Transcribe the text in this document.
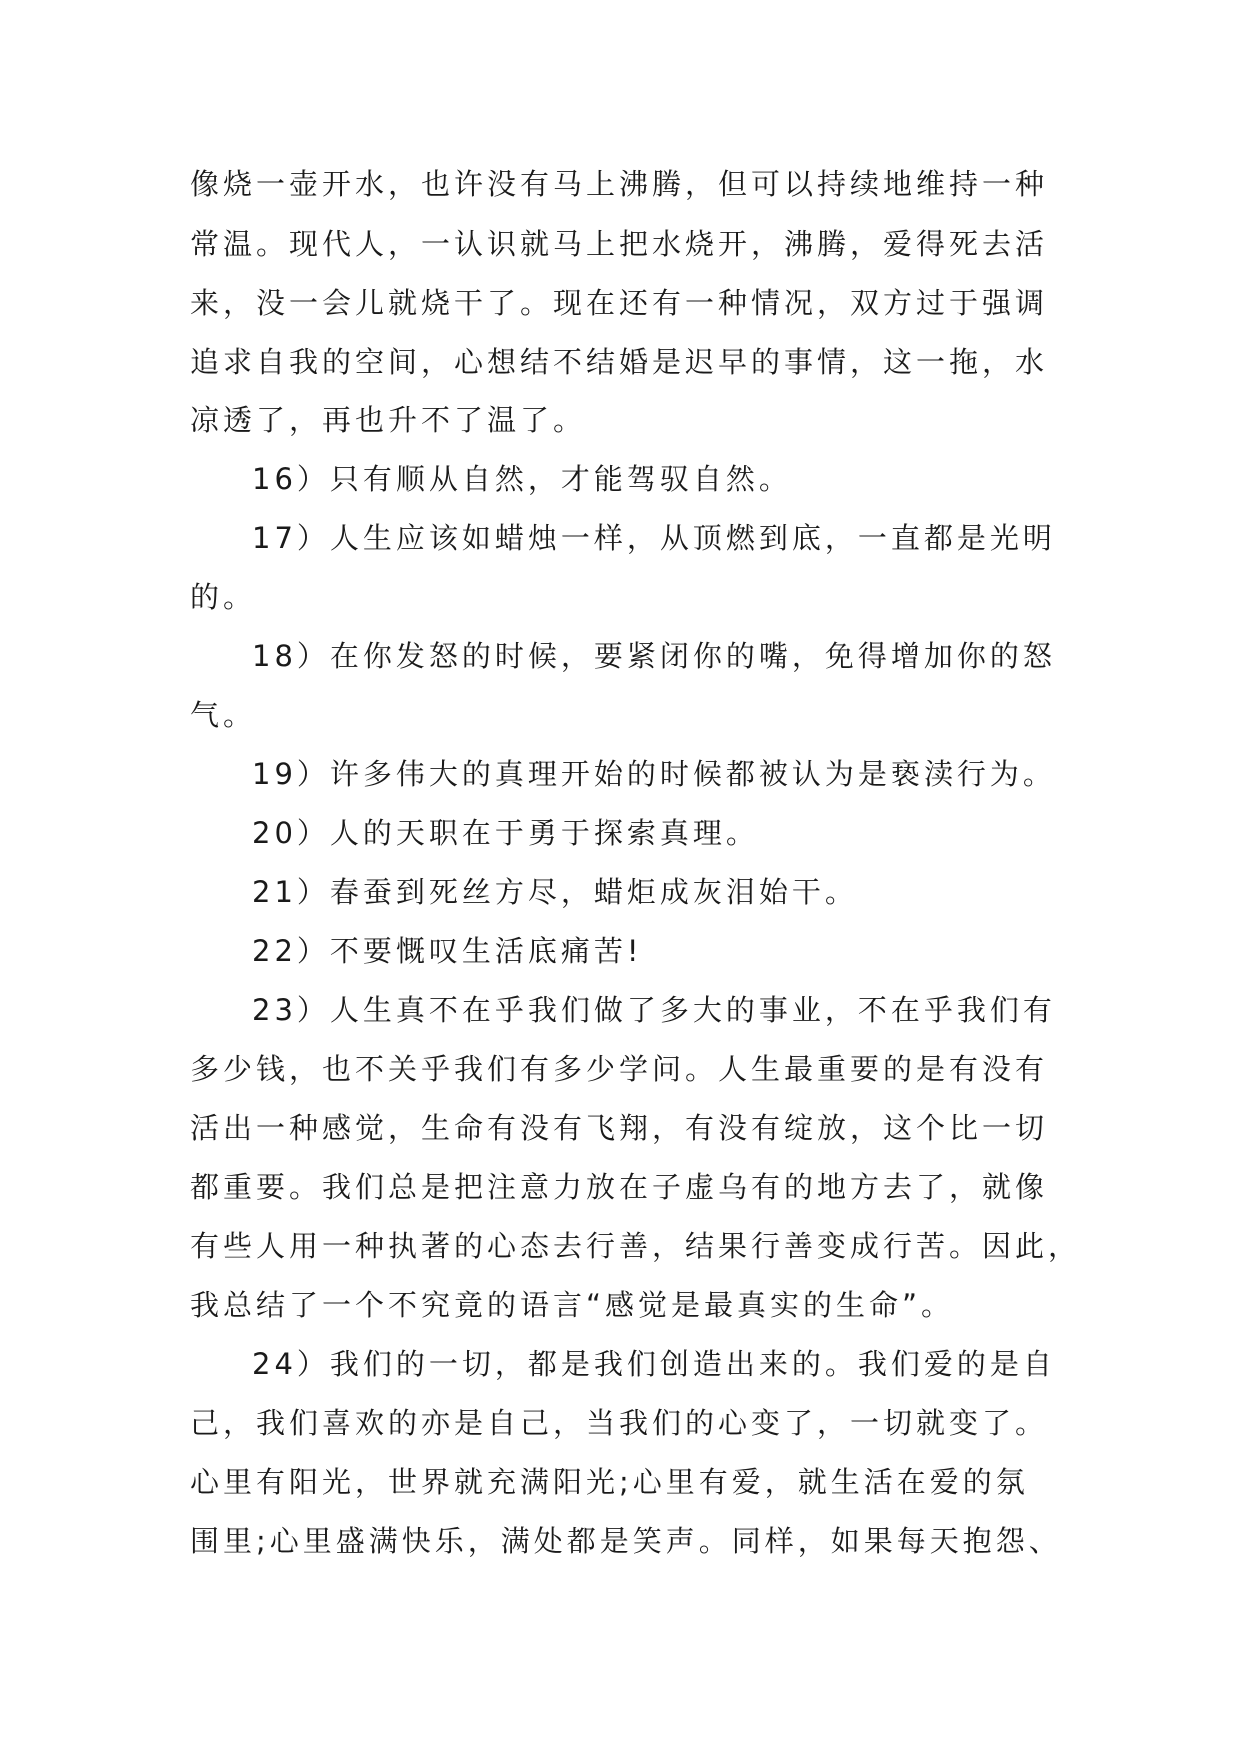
像烧一壶开水，也许没有马上沸腾，但可以持续地维持一种
常温。现代人，一认识就马上把水烧开，沸腾，爱得死去活
来，没一会儿就烧干了。现在还有一种情况，双方过于强调
追求自我的空间，心想结不结婚是迟早的事情，这一拖，水
凉透了，再也升不了温了。
16）只有顺从自然，才能驾驭自然。
17）人生应该如蜡烛一样，从顶燃到底，一直都是光明
的。
18）在你发怒的时候，要紧闭你的嘴，免得增加你的怒
气。
19）许多伟大的真理开始的时候都被认为是亵渎行为。
20）人的天职在于勇于探索真理。
21）春蚕到死丝方尽，蜡炬成灰泪始干。
22）不要慨叹生活底痛苦!
23）人生真不在乎我们做了多大的事业，不在乎我们有
多少钱，也不关乎我们有多少学问。人生最重要的是有没有
活出一种感觉，生命有没有飞翔，有没有绽放，这个比一切
都重要。我们总是把注意力放在子虚乌有的地方去了，就像
有些人用一种执著的心态去行善，结果行善变成行苦。因此，
我总结了一个不究竟的语言“感觉是最真实的生命”。
24）我们的一切，都是我们创造出来的。我们爱的是自
己，我们喜欢的亦是自己，当我们的心变了，一切就变了。
心里有阳光，世界就充满阳光;心里有爱，就生活在爱的氛
围里;心里盛满快乐，满处都是笑声。同样，如果每天抱怨、
